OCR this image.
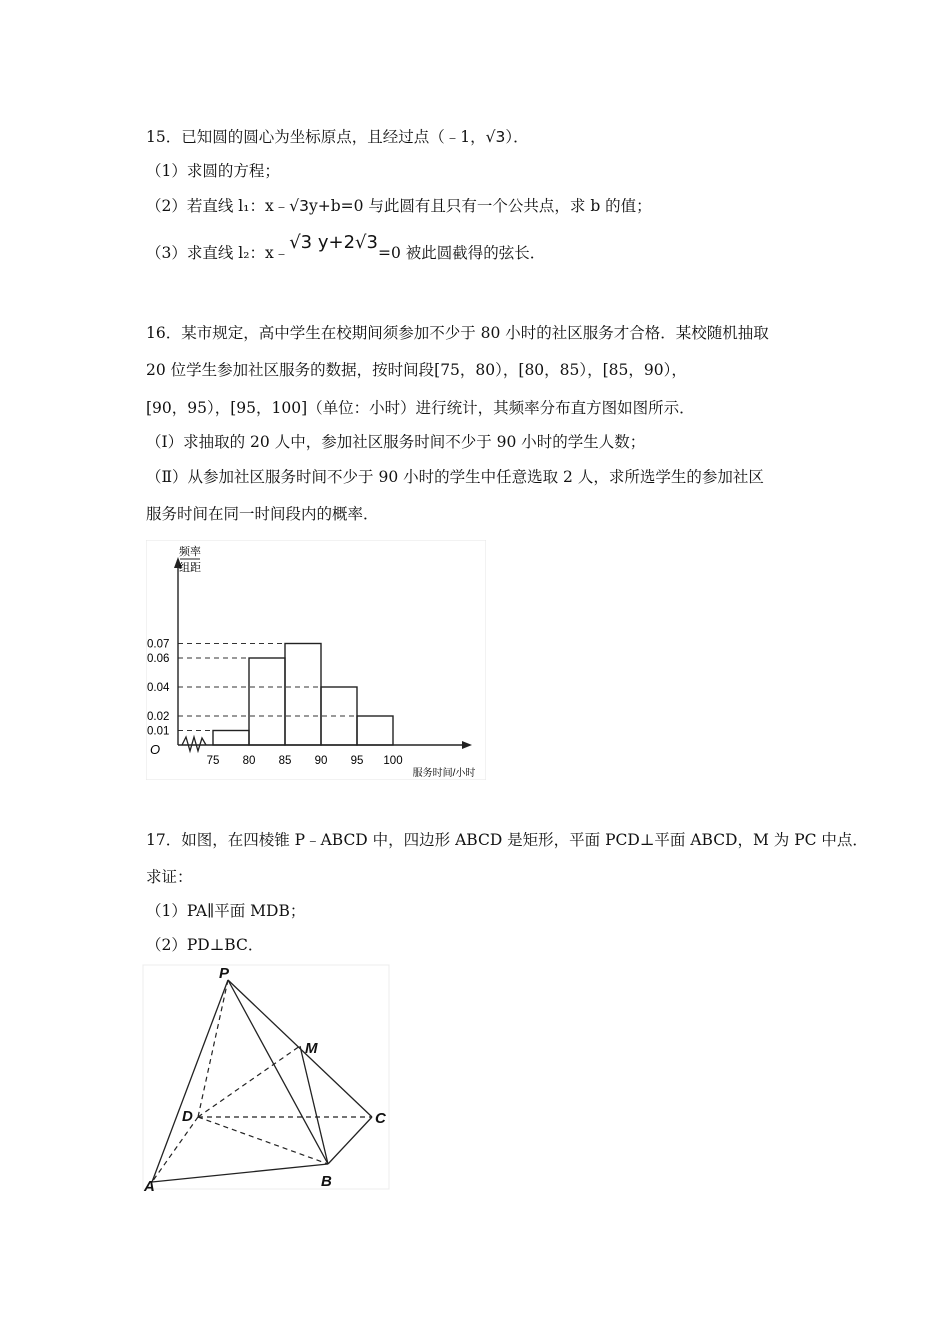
15．已知圆的圆心为坐标原点，且经过点（﹣1，√3）．
（1）求圆的方程；
（2）若直线 l₁：x﹣√3y+b=0 与此圆有且只有一个公共点，求 b 的值；
（3）求直线 l₂：x﹣√3 y+2√3=0 被此圆截得的弦长．
16．某市规定，高中学生在校期间须参加不少于 80 小时的社区服务才合格．某校随机抽取
20 位学生参加社区服务的数据，按时间段[75，80），[80，85），[85，90），
[90，95），[95，100]（单位：小时）进行统计，其频率分布直方图如图所示．
（Ⅰ）求抽取的 20 人中，参加社区服务时间不少于 90 小时的学生人数；
（Ⅱ）从参加社区服务时间不少于 90 小时的学生中任意选取 2 人，求所选学生的参加社区
服务时间在同一时间段内的概率．
0.01
0.02
0.04
0.06
0.07
75 80 85 90 95 100
频率
组距
O
服务时间/小时
17．如图，在四棱锥 P﹣ABCD 中，四边形 ABCD 是矩形，平面 PCD⊥平面 ABCD，M 为 PC 中点．
求证：
（1）PA∥平面 MDB；
（2）PD⊥BC．
P
M
D	C
A	B
